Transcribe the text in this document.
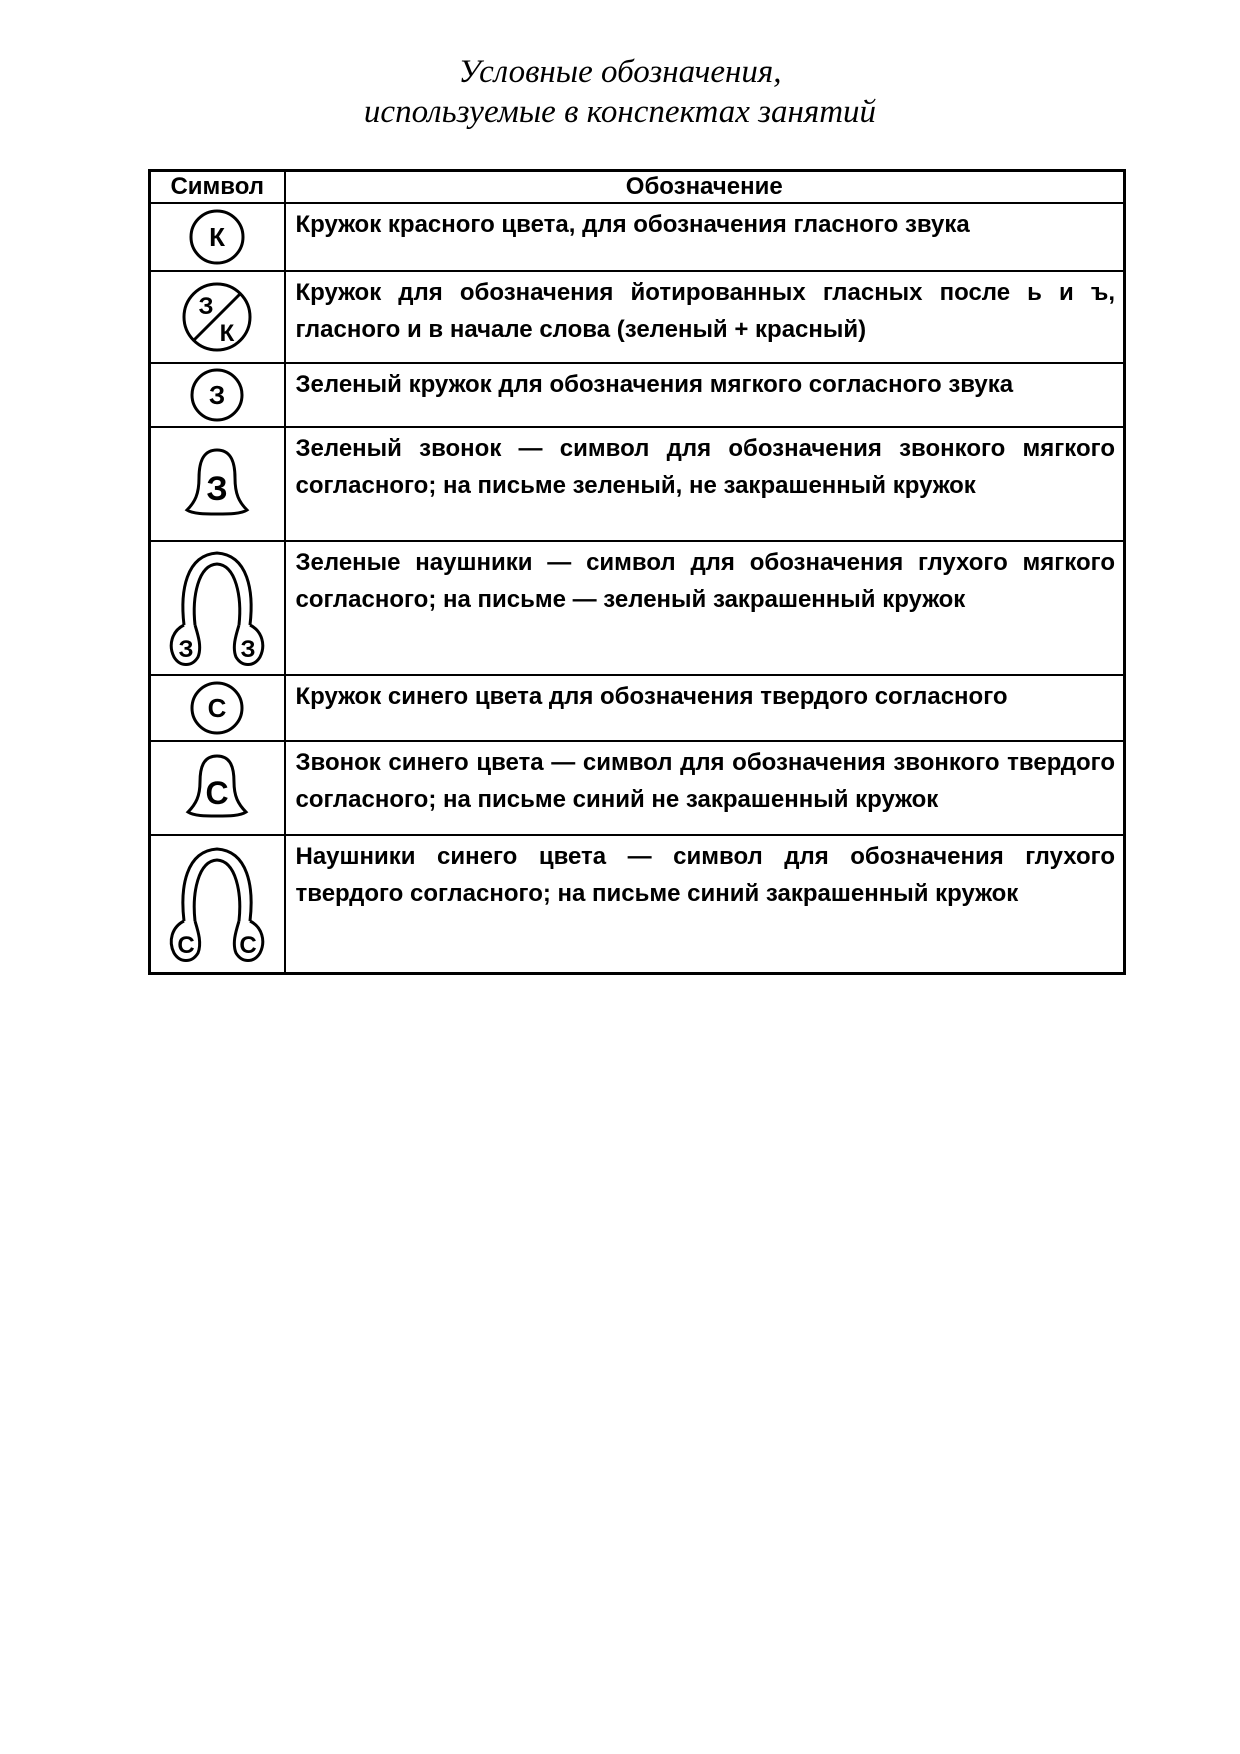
Условные обозначения,
используемые в конспектах занятий
Символ	Обозначение

К	Кружок красного цвета, для обозначения гласного звука

З
К	Кружок для обозначения йотированных гласных после ь и ъ, гласного и в начале слова (зеленый + красный)

З	Зеленый кружок для обозначения мягкого согласного звука

З	Зеленый звонок — символ для обозначения звонкого мягкого согласного; на письме зеленый, не закрашенный кружок

З З	Зеленые наушники — символ для обозначения глухого мягкого согласного; на письме — зеленый закрашенный кружок

С	Кружок синего цвета для обозначения твердого согласного

С	Звонок синего цвета — символ для обозначения звонкого твердого согласного; на письме синий не закрашенный кружок

С С	Наушники синего цвета — символ для обозначения глухого твердого согласного; на письме синий закрашенный кружок
